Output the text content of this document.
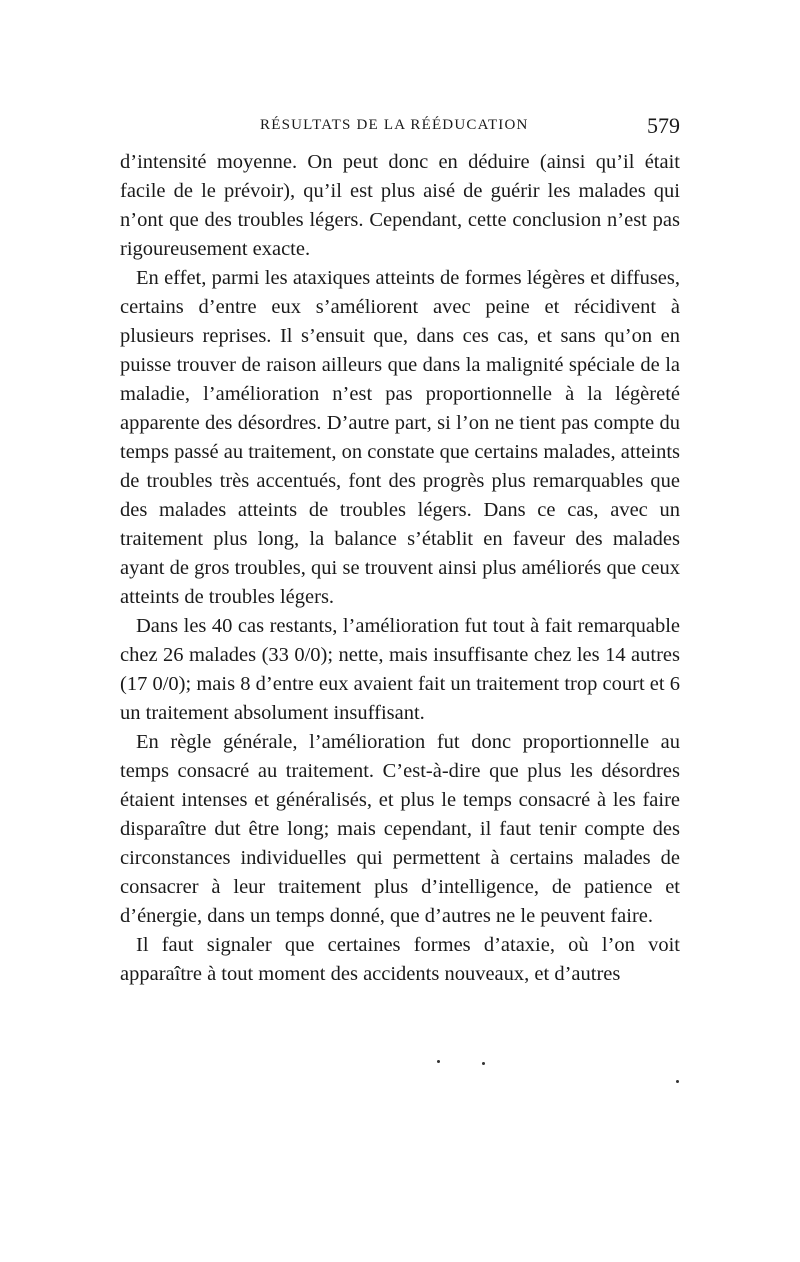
RÉSULTATS DE LA RÉÉDUCATION	579

d’intensité moyenne. On peut donc en déduire (ainsi qu’il était facile de le prévoir), qu’il est plus aisé de guérir les malades qui n’ont que des troubles légers. Cependant, cette conclusion n’est pas rigoureusement exacte.

En effet, parmi les ataxiques atteints de formes légères et diffuses, certains d’entre eux s’améliorent avec peine et récidivent à plusieurs reprises. Il s’ensuit que, dans ces cas, et sans qu’on en puisse trouver de raison ailleurs que dans la malignité spéciale de la maladie, l’amélioration n’est pas proportionnelle à la légèreté apparente des désordres. D’autre part, si l’on ne tient pas compte du temps passé au traitement, on constate que certains malades, atteints de troubles très accentués, font des progrès plus remarquables que des malades atteints de troubles légers. Dans ce cas, avec un traitement plus long, la balance s’établit en faveur des malades ayant de gros troubles, qui se trouvent ainsi plus améliorés que ceux atteints de troubles légers.

Dans les 40 cas restants, l’amélioration fut tout à fait remarquable chez 26 malades (33 0/0); nette, mais insuffisante chez les 14 autres (17 0/0); mais 8 d’entre eux avaient fait un traitement trop court et 6 un traitement absolument insuffisant.

En règle générale, l’amélioration fut donc proportionnelle au temps consacré au traitement. C’est-à-dire que plus les désordres étaient intenses et généralisés, et plus le temps consacré à les faire disparaître dut être long; mais cependant, il faut tenir compte des circonstances individuelles qui permettent à certains malades de consacrer à leur traitement plus d’intelligence, de patience et d’énergie, dans un temps donné, que d’autres ne le peuvent faire.

Il faut signaler que certaines formes d’ataxie, où l’on voit apparaître à tout moment des accidents nouveaux, et d’autres
